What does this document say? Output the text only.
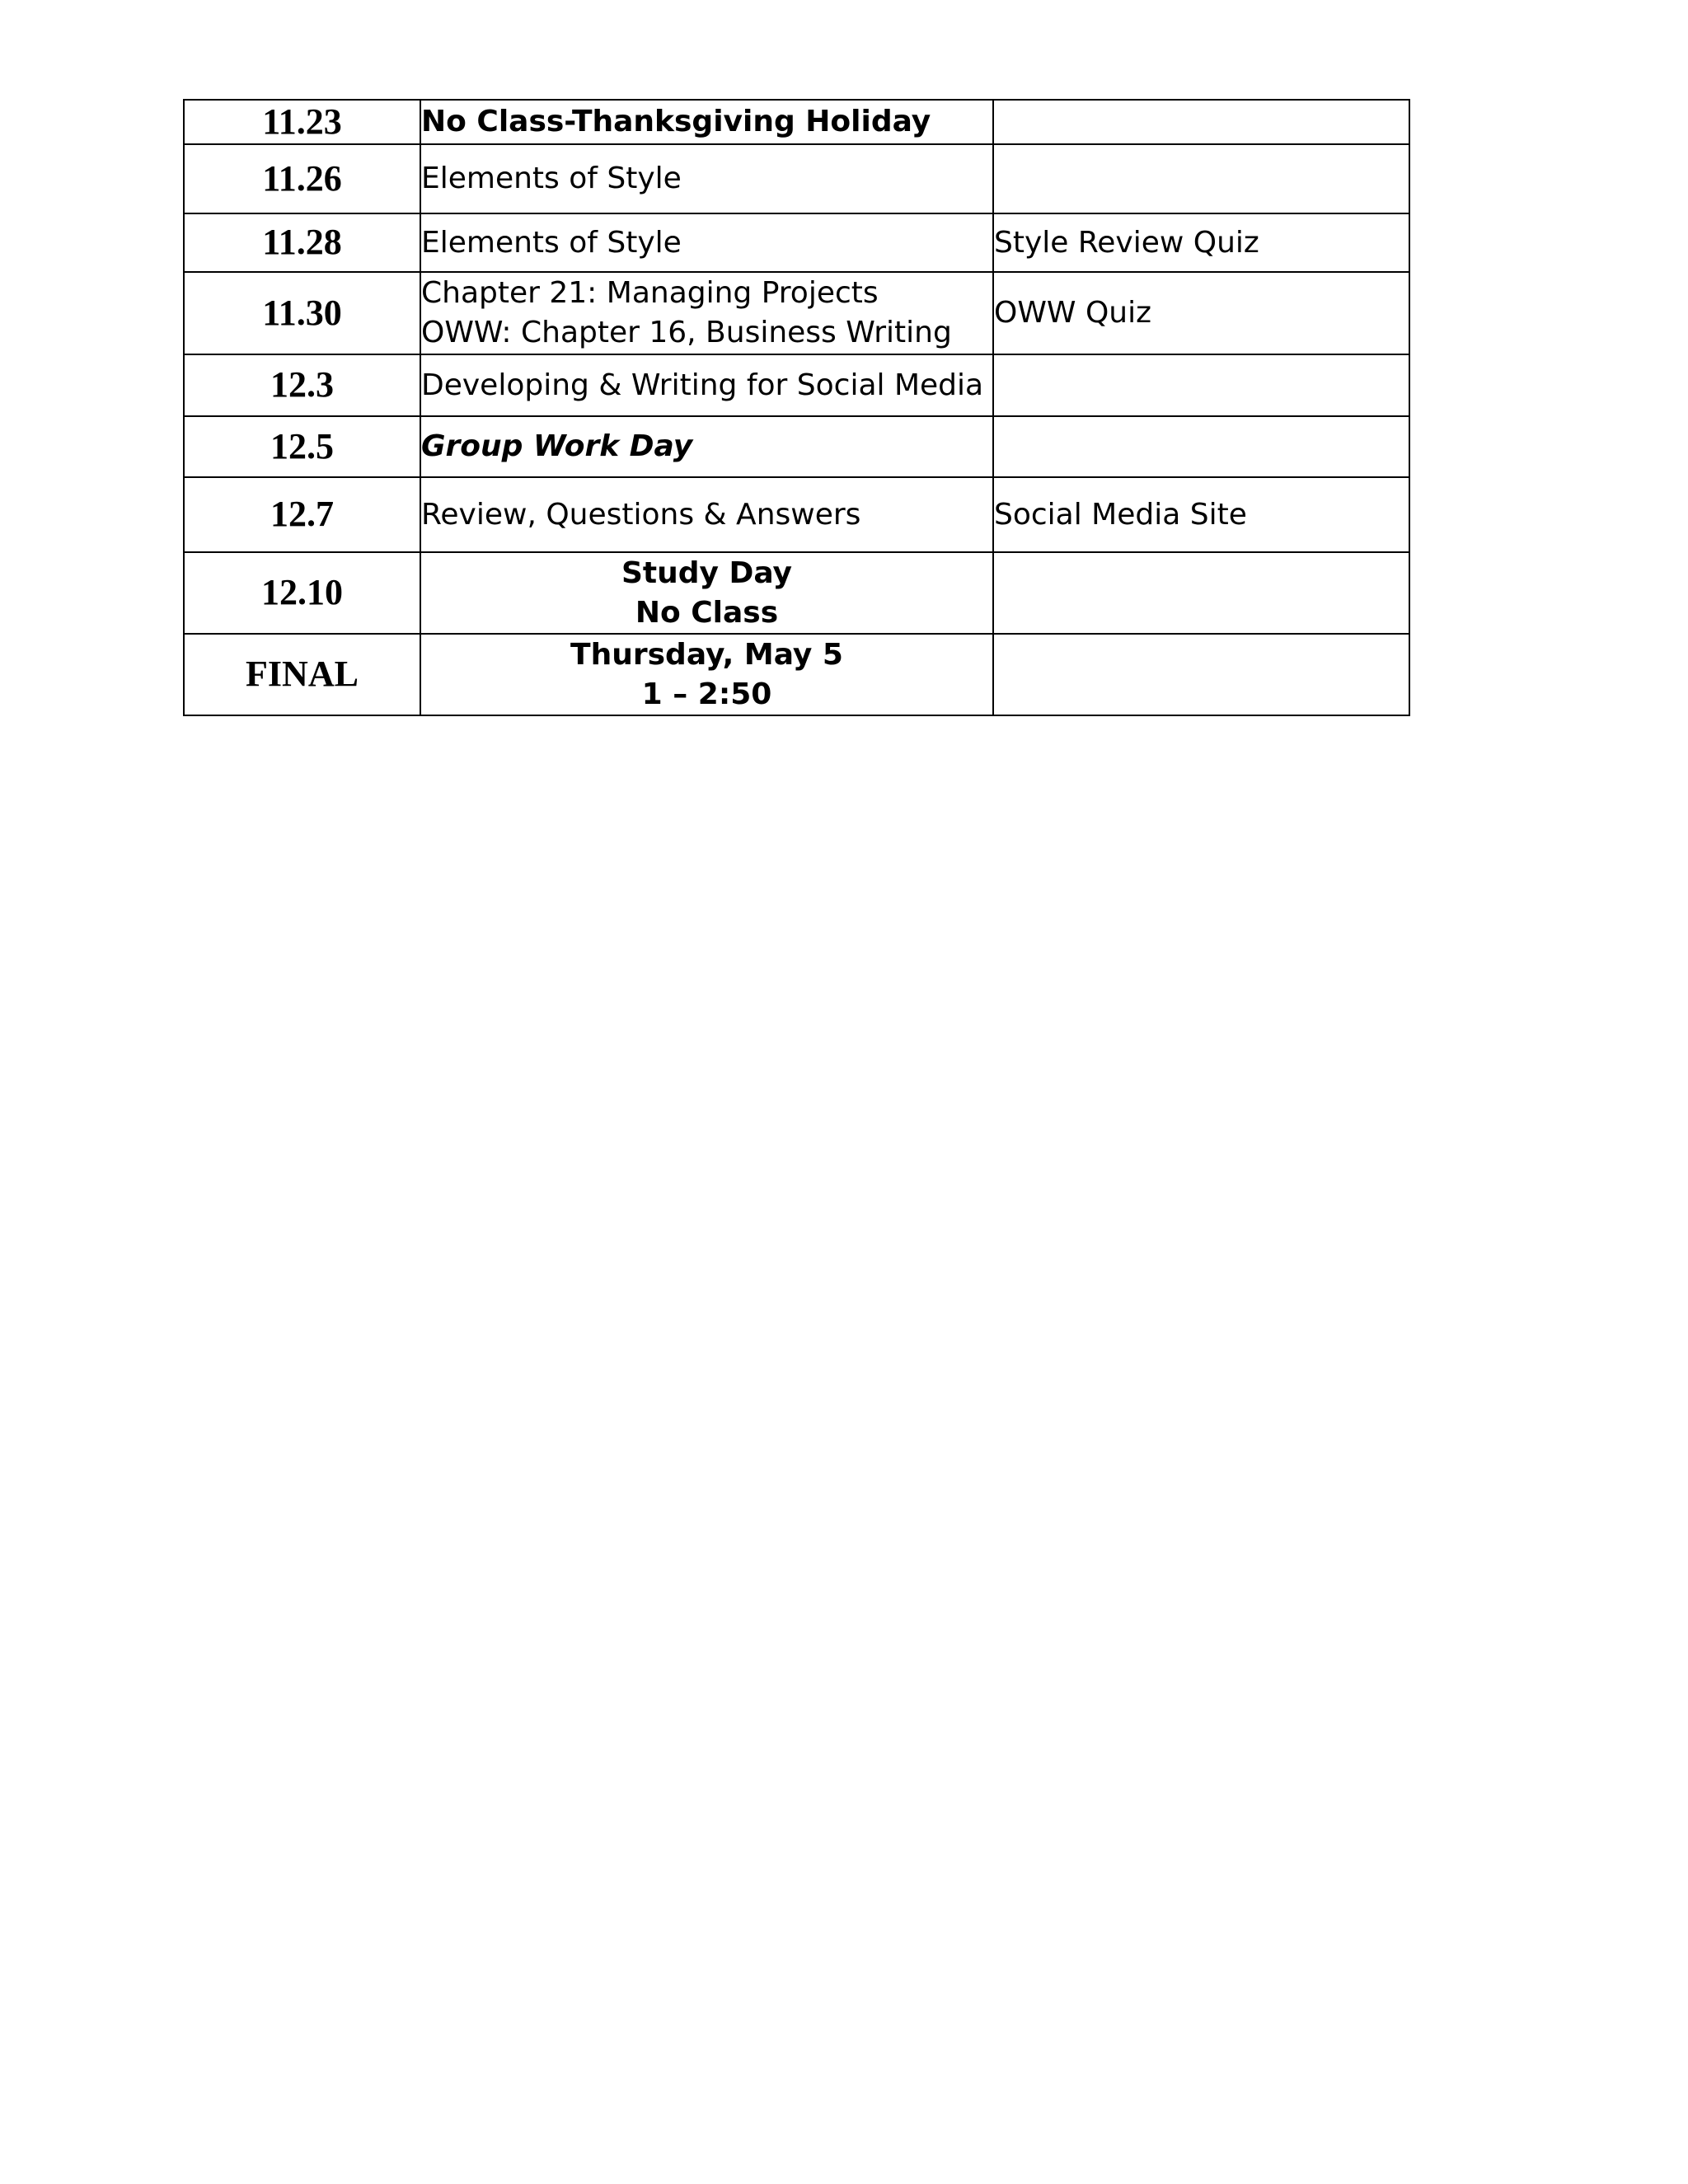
11.23	No Class-Thanksgiving Holiday	

11.26	Elements of Style	

11.28	Elements of Style	Style Review Quiz
11.30	Chapter 21: Managing Projects
OWW: Chapter 16, Business Writing	OWW Quiz
12.3	Developing & Writing for Social Media	

12.5	Group Work Day	

12.7	Review, Questions & Answers	Social Media Site
12.10	Study Day
No Class	

FINAL	Thursday, May 5
1 – 2:50	
